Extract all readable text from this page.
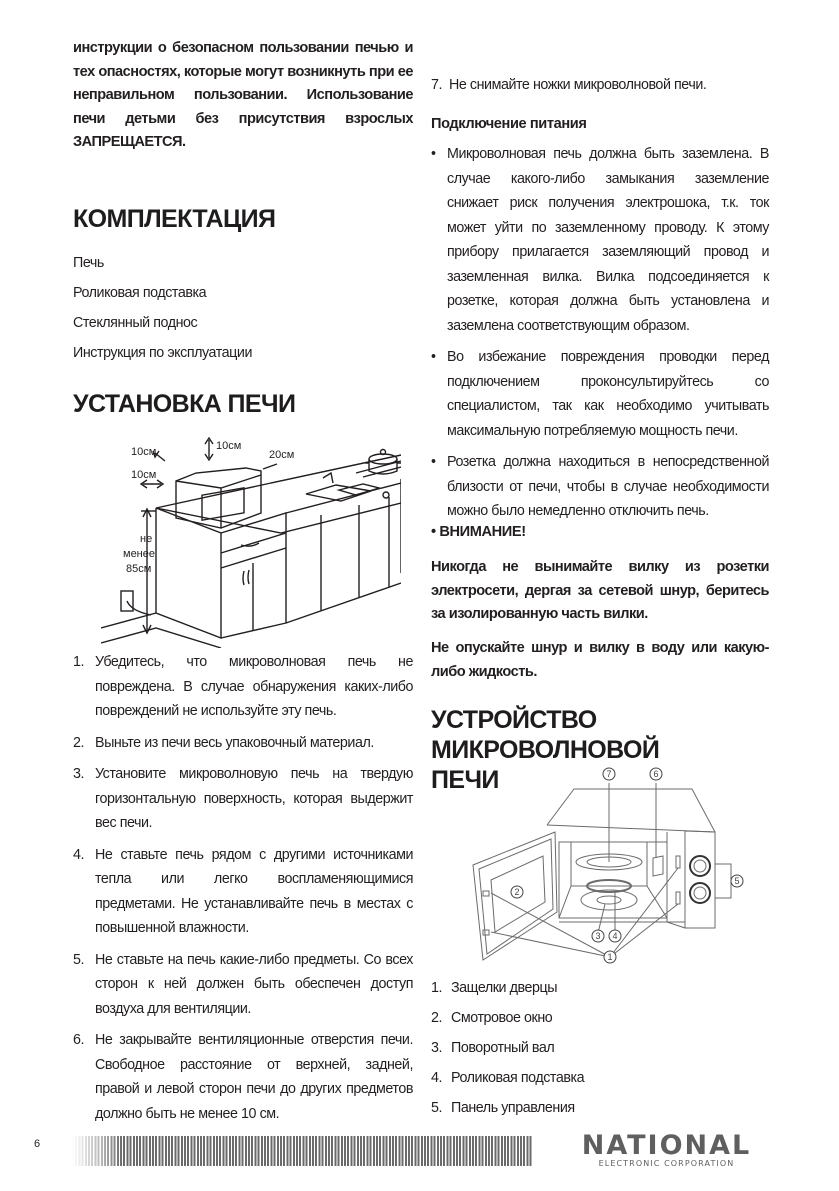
инструкции о безопасном пользовании печью и тех опасностях, которые могут возникнуть при ее неправильном пользовании. Использование печи детьми без присутствия взрослых ЗАПРЕЩАЕТСЯ.

КОМПЛЕКТАЦИЯ
Печь
Роликовая подставка
Стеклянный поднос
Инструкция по эксплуатации
УСТАНОВКА ПЕЧИ
10см	10см
20см
10см
не
менее
85см
1. Убедитесь, что микроволновая печь не повреждена. В случае обнаружения каких-либо повреждений не используйте эту печь.
2. Выньте из печи весь упаковочный материал.
3. Установите микроволновую печь на твердую горизонтальную поверхность, которая выдержит вес печи.
4. Не ставьте печь рядом с другими источниками тепла или легко воспламеняющимися предметами. Не устанавливайте печь в местах с повышенной влажности.
5. Не ставьте на печь какие-либо предметы. Со всех сторон к ней должен быть обеспечен доступ воздуха для вентиляции.
6. Не закрывайте вентиляционные отверстия печи. Свободное расстояние от верхней, задней, правой и левой сторон печи до других предметов должно быть не менее 10 см.
7. Не снимайте ножки микроволновой печи.
Подключение питания
• Микроволновая печь должна быть заземлена. В случае какого-либо замыкания заземление снижает риск получения электрошока, т.к. ток может уйти по заземленному проводу. К этому прибору прилагается заземляющий провод и заземленная вилка. Вилка подсоединяется к розетке, которая должна быть установлена и заземлена соответствующим образом.
• Во избежание повреждения проводки перед подключением проконсультируйтесь со специалистом, так как необходимо учитывать максимальную потребляемую мощность печи.
• Розетка должна находиться в непосредственной близости от печи, чтобы в случае необходимости можно было немедленно отключить печь.
• ВНИМАНИЕ!

Никогда не вынимайте вилку из розетки электросети, дергая за сетевой шнур, беритесь за изолированную часть вилки.

Не опускайте шнур и вилку в воду или какую-либо жидкость.

УСТРОЙСТВО МИКРОВОЛНОВОЙ
ПЕЧИ
1
2
3 4
5
6
7
1. Защелки дверцы
2. Смотровое окно
3. Поворотный вал
4. Роликовая подставка
5. Панель управления
6	NATIONAL
ELECTRONIC CORPORATION
